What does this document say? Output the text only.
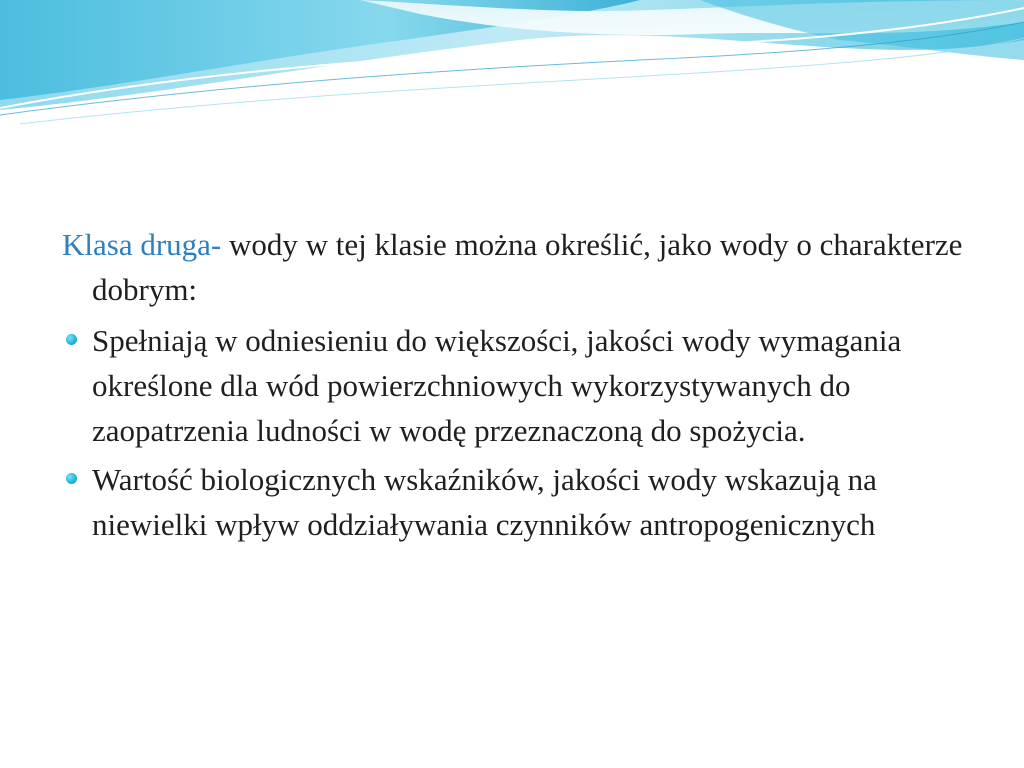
Klasa druga- wody w tej klasie można określić, jako wody o charakterze dobrym:

Spełniają w odniesieniu do większości, jakości wody wymagania określone dla wód powierzchniowych wykorzystywanych do zaopatrzenia ludności w wodę przeznaczoną do spożycia.
Wartość biologicznych wskaźników, jakości wody wskazują na niewielki wpływ oddziaływania czynników antropogenicznych
